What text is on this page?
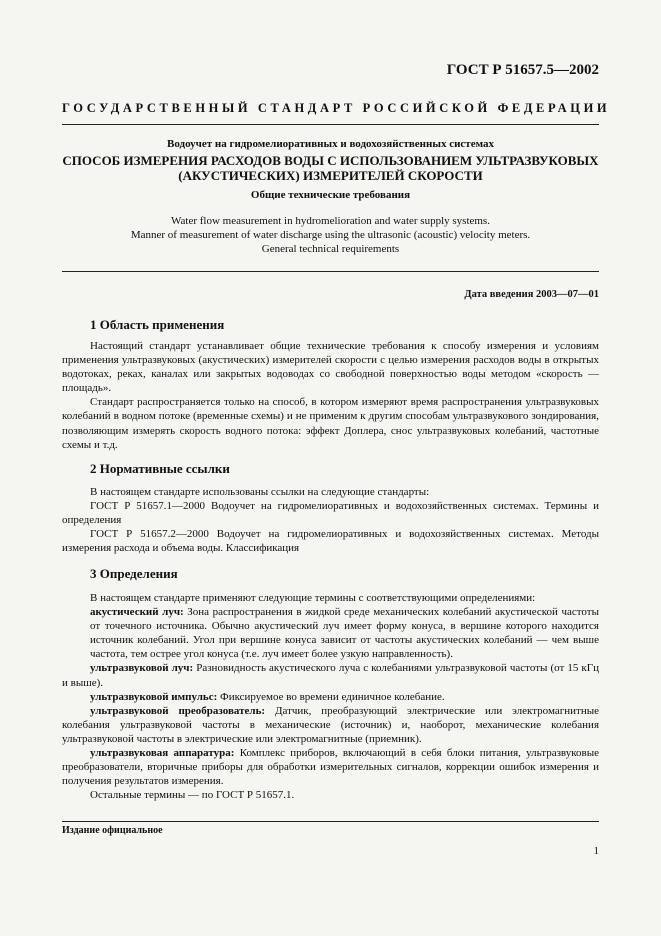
ГОСТ Р 51657.5—2002
ГОСУДАРСТВЕННЫЙ СТАНДАРТ РОССИЙСКОЙ ФЕДЕРАЦИИ
Водоучет на гидромелиоративных и водохозяйственных системах
СПОСОБ ИЗМЕРЕНИЯ РАСХОДОВ ВОДЫ С ИСПОЛЬЗОВАНИЕМ УЛЬТРАЗВУКОВЫХ
(АКУСТИЧЕСКИХ) ИЗМЕРИТЕЛЕЙ СКОРОСТИ
Общие технические требования
Water flow measurement in hydromelioration and water supply systems.
Manner of measurement of water discharge using the ultrasonic (acoustic) velocity meters.
General technical requirements
Дата введения 2003—07—01
1 Область применения

Настоящий стандарт устанавливает общие технические требования к способу измерения и условиям применения ультразвуковых (акустических) измерителей скорости с целью измерения расходов воды в открытых водотоках, реках, каналах или закрытых водоводах со свободной поверхностью воды методом «скорость — площадь».

Стандарт распространяется только на способ, в котором измеряют время распространения ультразвуковых колебаний в водном потоке (временные схемы) и не применим к другим способам ультразвукового зондирования, позволяющим измерять скорость водного потока: эффект Доплера, снос ультразвуковых колебаний, частотные схемы и т.д.

2 Нормативные ссылки

В настоящем стандарте использованы ссылки на следующие стандарты:

ГОСТ Р 51657.1—2000 Водоучет на гидромелиоративных и водохозяйственных системах. Термины и определения

ГОСТ Р 51657.2—2000 Водоучет на гидромелиоративных и водохозяйственных системах. Методы измерения расхода и объема воды. Классификация

3 Определения

В настоящем стандарте применяют следующие термины с соответствующими определениями:

акустический луч: Зона распространения в жидкой среде механических колебаний акустической частоты от точечного источника. Обычно акустический луч имеет форму конуса, в вершине которого находится источник колебаний. Угол при вершине конуса зависит от частоты акустических колебаний — чем выше частота, тем острее угол конуса (т.е. луч имеет более узкую направленность).

ультразвуковой луч: Разновидность акустического луча с колебаниями ультразвуковой частоты (от 15 кГц и выше).

ультразвуковой импульс: Фиксируемое во времени единичное колебание.

ультразвуковой преобразователь: Датчик, преобразующий электрические или электромагнитные колебания ультразвуковой частоты в механические (источник) и, наоборот, механические колебания ультразвуковой частоты в электрические или электромагнитные (приемник).

ультразвуковая аппаратура: Комплекс приборов, включающий в себя блоки питания, ультразвуковые преобразователи, вторичные приборы для обработки измерительных сигналов, коррекции ошибок измерения и получения результатов измерения.

Остальные термины — по ГОСТ Р 51657.1.

Издание официальное
1
